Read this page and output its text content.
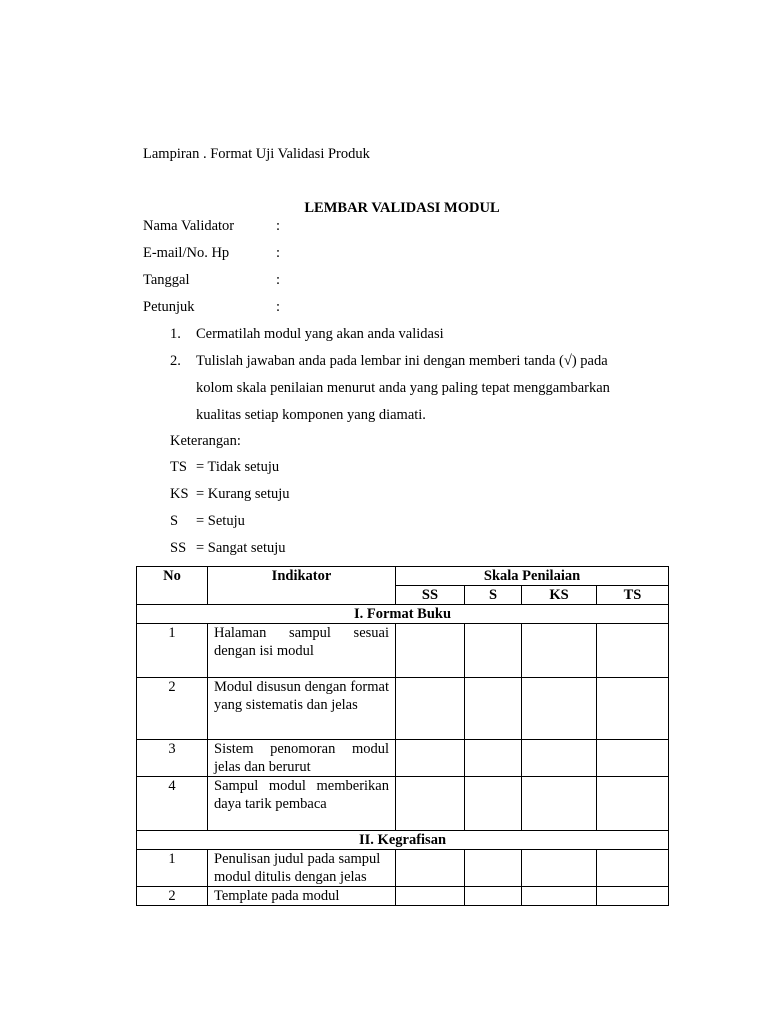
Lampiran . Format Uji Validasi Produk
LEMBAR VALIDASI MODUL
Nama Validator	:
E-mail/No. Hp	:
Tanggal	:
Petunjuk	:
1. Cermatilah modul yang akan anda validasi
2. Tulislah jawaban anda pada lembar ini dengan memberi tanda (√) pada
kolom skala penilaian menurut anda yang paling tepat menggambarkan
kualitas setiap komponen yang diamati.
Keterangan:
TS = Tidak setuju
KS = Kurang setuju
S = Setuju
SS = Sangat setuju
No	Indikator	Skala Penilaian			
		SS	S	KS	TS
I. Format Buku					
1	Halaman sampul sesuai dengan isi modul				
2	Modul disusun dengan format yang sistematis dan jelas				
3	Sistem penomoran modul jelas dan berurut				
4	Sampul modul memberikan daya tarik pembaca				
II. Kegrafisan					
1	Penulisan judul pada sampul modul ditulis dengan jelas				
2	Template pada modul				
